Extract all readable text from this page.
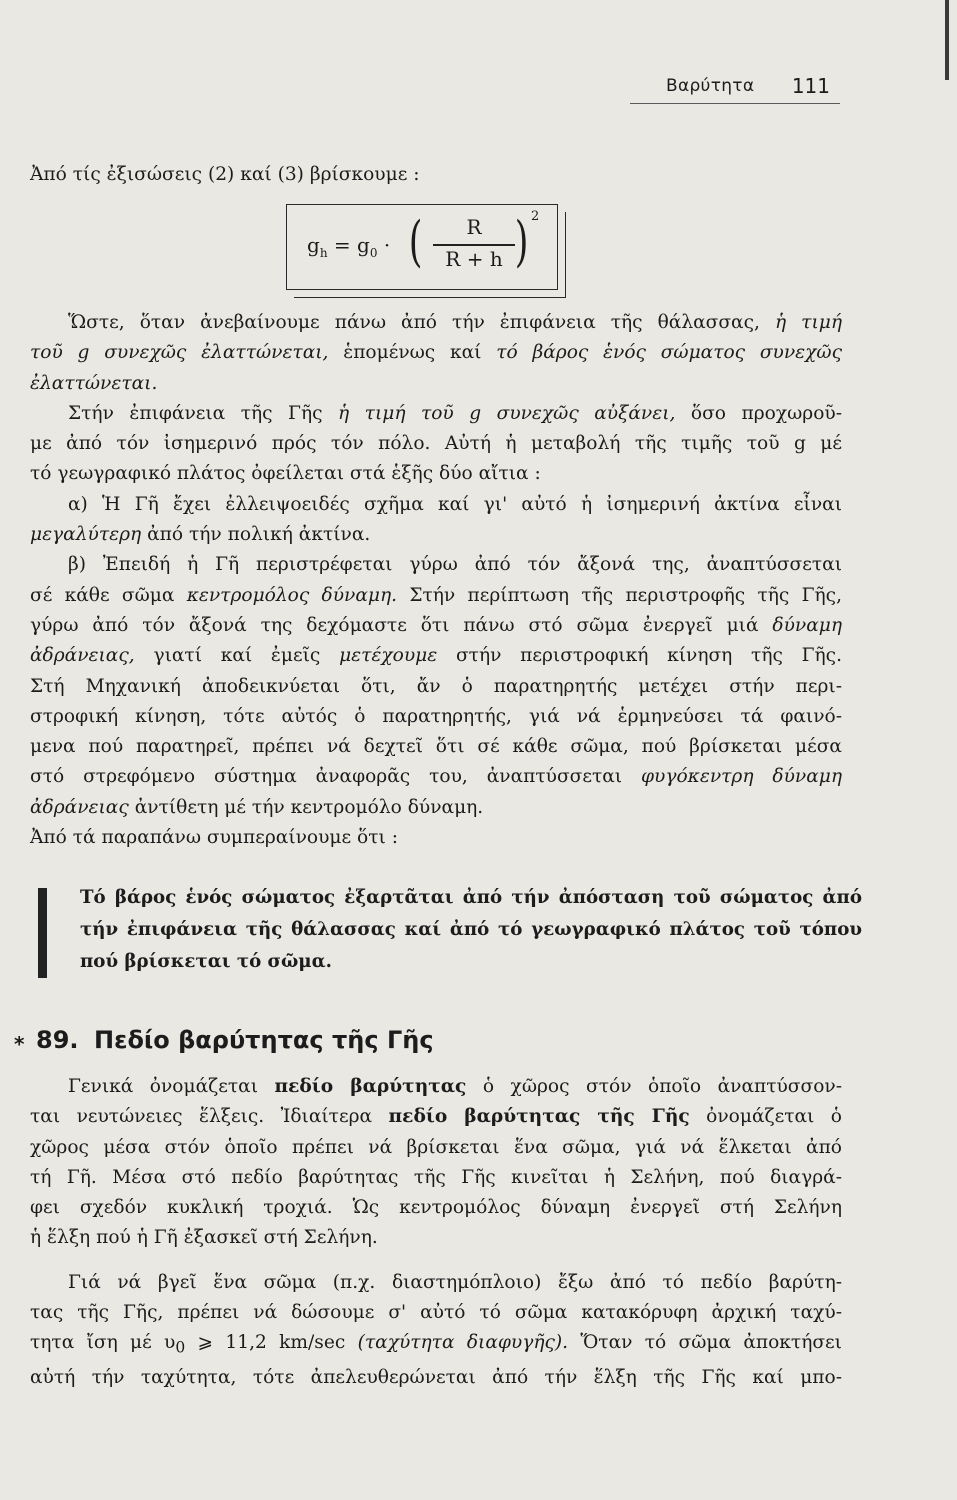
Βαρύτητα 111
Ἀπό τίς ἐξισώσεις (2) καί (3) βρίσκουμε :
$g_h = g_0$ · (	R
R + h ) 2
Ὥστε, ὅταν ἀνεβαίνουμε πάνω ἀπό τήν ἐπιφάνεια τῆς θάλασσας, ἡ τιμή
τοῦ g συνεχῶς ἐλαττώνεται, ἑπομένως καί τό βάρος ἑνός σώματος συνεχῶς
ἐλαττώνεται.
Στήν ἐπιφάνεια τῆς Γῆς ἡ τιμή τοῦ g συνεχῶς αὐξάνει, ὅσο προχωροῦ-
με ἀπό τόν ἰσημερινό πρός τόν πόλο. Αὐτή ἡ μεταβολή τῆς τιμῆς τοῦ g μέ
τό γεωγραφικό πλάτος ὀφείλεται στά ἑξῆς δύο αἴτια :
α) Ἡ Γῆ ἔχει ἐλλειψοειδές σχῆμα καί γι' αὐτό ἡ ἰσημερινή ἀκτίνα εἶναι
μεγαλύτερη ἀπό τήν πολική ἀκτίνα.
β) Ἐπειδή ἡ Γῆ περιστρέφεται γύρω ἀπό τόν ἄξονά της, ἀναπτύσσεται
σέ κάθε σῶμα κεντρομόλος δύναμη. Στήν περίπτωση τῆς περιστροφῆς τῆς Γῆς,
γύρω ἀπό τόν ἄξονά της δεχόμαστε ὅτι πάνω στό σῶμα ἐνεργεῖ μιά δύναμη
ἀδράνειας, γιατί καί ἐμεῖς μετέχουμε στήν περιστροφική κίνηση τῆς Γῆς.
Στή Μηχανική ἀποδεικνύεται ὅτι, ἄν ὁ παρατηρητής μετέχει στήν περι-
στροφική κίνηση, τότε αὐτός ὁ παρατηρητής, γιά νά ἑρμηνεύσει τά φαινό-
μενα πού παρατηρεῖ, πρέπει νά δεχτεῖ ὅτι σέ κάθε σῶμα, πού βρίσκεται μέσα
στό στρεφόμενο σύστημα ἀναφορᾶς του, ἀναπτύσσεται φυγόκεντρη δύναμη
ἀδράνειας ἀντίθετη μέ τήν κεντρομόλο δύναμη.
Ἀπό τά παραπάνω συμπεραίνουμε ὅτι :
Τό βάρος ἑνός σώματος ἐξαρτᾶται ἀπό τήν ἀπόσταση τοῦ σώματος ἀπό
τήν ἐπιφάνεια τῆς θάλασσας καί ἀπό τό γεωγραφικό πλάτος τοῦ τόπου
πού βρίσκεται τό σῶμα.
* 89. Πεδίο βαρύτητας τῆς Γῆς
Γενικά ὀνομάζεται πεδίο βαρύτητας ὁ χῶρος στόν ὁποῖο ἀναπτύσσον-
ται νευτώνειες ἕλξεις. Ἰδιαίτερα πεδίο βαρύτητας τῆς Γῆς ὀνομάζεται ὁ
χῶρος μέσα στόν ὁποῖο πρέπει νά βρίσκεται ἕνα σῶμα, γιά νά ἕλκεται ἀπό
τή Γῆ. Μέσα στό πεδίο βαρύτητας τῆς Γῆς κινεῖται ἡ Σελήνη, πού διαγρά-
φει σχεδόν κυκλική τροχιά. Ὡς κεντρομόλος δύναμη ἐνεργεῖ στή Σελήνη
ἡ ἕλξη πού ἡ Γῆ ἐξασκεῖ στή Σελήνη.
Γιά νά βγεῖ ἕνα σῶμα (π.χ. διαστημόπλοιο) ἔξω ἀπό τό πεδίο βαρύτη-
τας τῆς Γῆς, πρέπει νά δώσουμε σ' αὐτό τό σῶμα κατακόρυφη ἀρχική ταχύ-
τητα ἴση μέ $\upsilon_0$ ⩾ 11,2 km/sec (ταχύτητα διαφυγῆς). Ὅταν τό σῶμα ἀποκτήσει
αὐτή τήν ταχύτητα, τότε ἀπελευθερώνεται ἀπό τήν ἕλξη τῆς Γῆς καί μπο-
